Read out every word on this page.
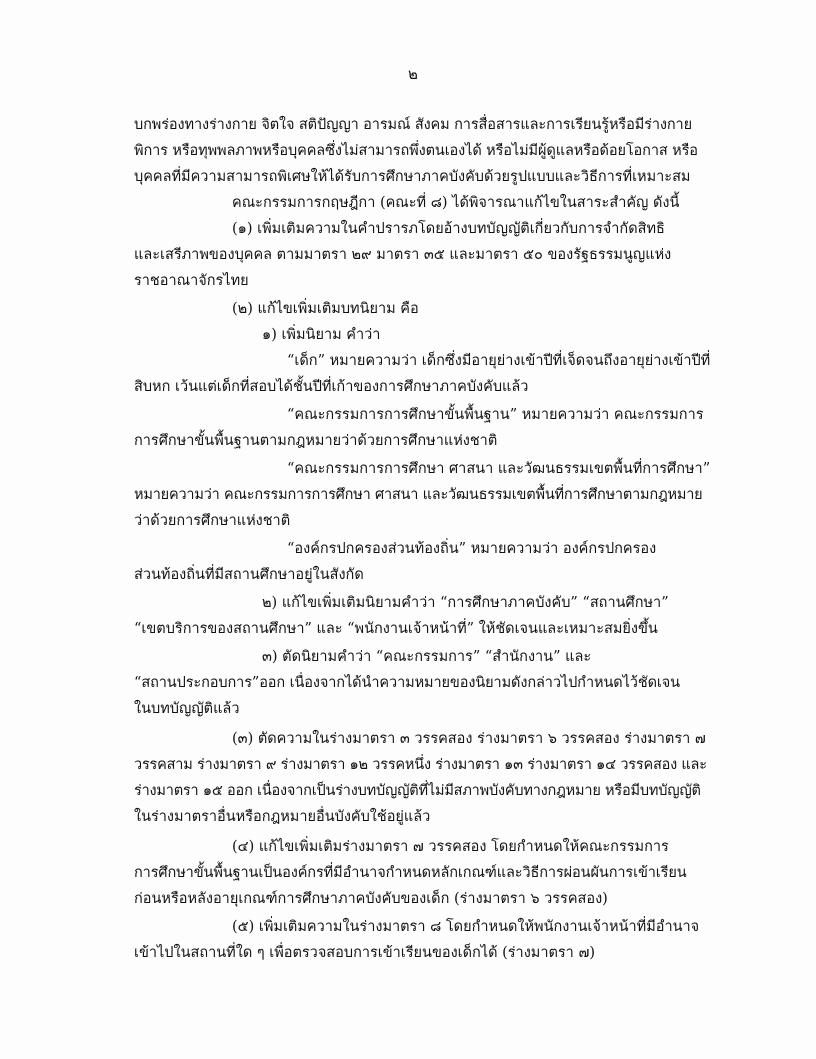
๒
บกพร่องทางร่างกาย จิตใจ สติปัญญา อารมณ์ สังคม การสื่อสารและการเรียนรู้หรือมีร่างกาย
พิการ หรือทุพพลภาพหรือบุคคลซึ่งไม่สามารถพึ่งตนเองได้ หรือไม่มีผู้ดูแลหรือด้อยโอกาส หรือ
บุคคลที่มีความสามารถพิเศษให้ได้รับการศึกษาภาคบังคับด้วยรูปแบบและวิธีการที่เหมาะสม
คณะกรรมการกฤษฎีกา (คณะที่ ๘) ได้พิจารณาแก้ไขในสาระสำคัญ ดังนี้
(๑) เพิ่มเติมความในคำปรารภโดยอ้างบทบัญญัติเกี่ยวกับการจำกัดสิทธิ
และเสรีภาพของบุคคล ตามมาตรา ๒๙ มาตรา ๓๕ และมาตรา ๕๐ ของรัฐธรรมนูญแห่ง
ราชอาณาจักรไทย
(๒) แก้ไขเพิ่มเติมบทนิยาม คือ
๑) เพิ่มนิยาม คำว่า
“เด็ก” หมายความว่า เด็กซึ่งมีอายุย่างเข้าปีที่เจ็ดจนถึงอายุย่างเข้าปีที่
สิบหก เว้นแต่เด็กที่สอบได้ชั้นปีที่เก้าของการศึกษาภาคบังคับแล้ว
“คณะกรรมการการศึกษาขั้นพื้นฐาน” หมายความว่า คณะกรรมการ
การศึกษาขั้นพื้นฐานตามกฎหมายว่าด้วยการศึกษาแห่งชาติ
“คณะกรรมการการศึกษา ศาสนา และวัฒนธรรมเขตพื้นที่การศึกษา”
หมายความว่า คณะกรรมการการศึกษา ศาสนา และวัฒนธรรมเขตพื้นที่การศึกษาตามกฎหมาย
ว่าด้วยการศึกษาแห่งชาติ
“องค์กรปกครองส่วนท้องถิ่น” หมายความว่า องค์กรปกครอง
ส่วนท้องถิ่นที่มีสถานศึกษาอยู่ในสังกัด
๒) แก้ไขเพิ่มเติมนิยามคำว่า “การศึกษาภาคบังคับ” “สถานศึกษา”
“เขตบริการของสถานศึกษา” และ “พนักงานเจ้าหน้าที่” ให้ชัดเจนและเหมาะสมยิ่งขึ้น
๓) ตัดนิยามคำว่า “คณะกรรมการ” “สำนักงาน” และ
“สถานประกอบการ”ออก เนื่องจากได้นำความหมายของนิยามดังกล่าวไปกำหนดไว้ชัดเจน
ในบทบัญญัติแล้ว
(๓) ตัดความในร่างมาตรา ๓ วรรคสอง ร่างมาตรา ๖ วรรคสอง ร่างมาตรา ๗
วรรคสาม ร่างมาตรา ๙ ร่างมาตรา ๑๒ วรรคหนึ่ง ร่างมาตรา ๑๓ ร่างมาตรา ๑๔ วรรคสอง และ
ร่างมาตรา ๑๕ ออก เนื่องจากเป็นร่างบทบัญญัติที่ไม่มีสภาพบังคับทางกฎหมาย หรือมีบทบัญญัติ
ในร่างมาตราอื่นหรือกฎหมายอื่นบังคับใช้อยู่แล้ว
(๔) แก้ไขเพิ่มเติมร่างมาตรา ๗ วรรคสอง โดยกำหนดให้คณะกรรมการ
การศึกษาขั้นพื้นฐานเป็นองค์กรที่มีอำนาจกำหนดหลักเกณฑ์และวิธีการผ่อนผันการเข้าเรียน
ก่อนหรือหลังอายุเกณฑ์การศึกษาภาคบังคับของเด็ก (ร่างมาตรา ๖ วรรคสอง)
(๕) เพิ่มเติมความในร่างมาตรา ๘ โดยกำหนดให้พนักงานเจ้าหน้าที่มีอำนาจ
เข้าไปในสถานที่ใด ๆ เพื่อตรวจสอบการเข้าเรียนของเด็กได้ (ร่างมาตรา ๗)
